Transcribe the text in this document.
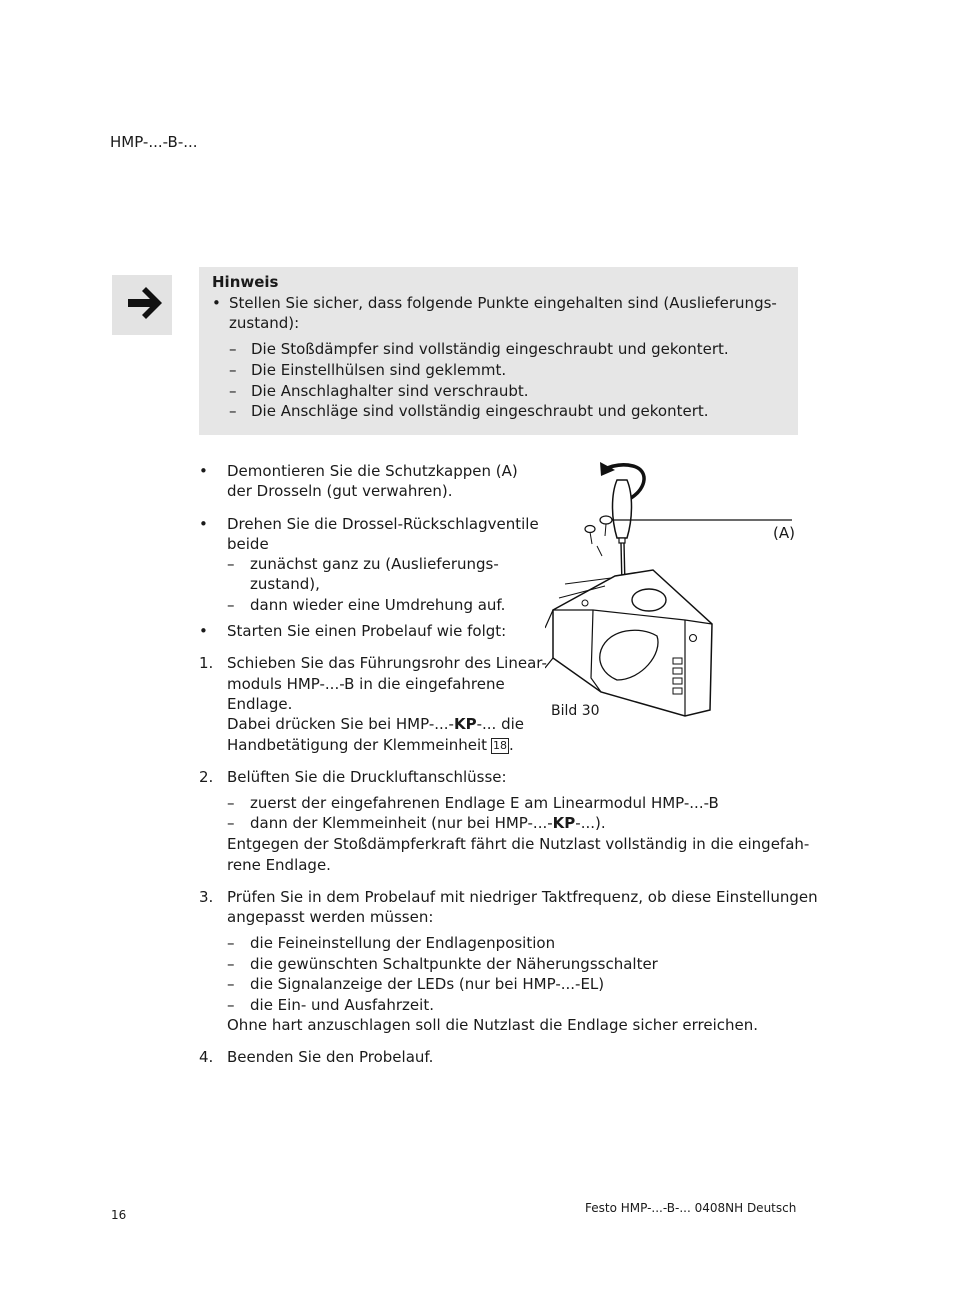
HMP-...-B-...
Hinweis
• Stellen Sie sicher, dass folgende Punkte eingehalten sind (Auslieferungs-
zustand):
– Die Stoßdämpfer sind vollständig eingeschraubt und gekontert.
– Die Einstellhülsen sind geklemmt.
– Die Anschlaghalter sind verschraubt.
– Die Anschläge sind vollständig eingeschraubt und gekontert.
• Demontieren Sie die Schutzkappen (A)
der Drosseln (gut verwahren).
• Drehen Sie die Drossel-Rückschlagventile
beide
– zunächst ganz zu (Auslieferungs-
zustand),
– dann wieder eine Umdrehung auf.
• Starten Sie einen Probelauf wie folgt:
1. Schieben Sie das Führungsrohr des Linear-
moduls HMP-...-B in die eingefahrene
Endlage.
Dabei drücken Sie bei HMP-...-KP-... die
Handbetätigung der Klemmeinheit 18 .
2. Belüften Sie die Druckluftanschlüsse:
– zuerst der eingefahrenen Endlage E am Linearmodul HMP-...-B
– dann der Klemmeinheit (nur bei HMP-...-KP-...).
Entgegen der Stoßdämpferkraft fährt die Nutzlast vollständig in die eingefah-
rene Endlage.
3. Prüfen Sie in dem Probelauf mit niedriger Taktfrequenz, ob diese Einstellungen
angepasst werden müssen:
– die Feineinstellung der Endlagenposition
– die gewünschten Schaltpunkte der Näherungsschalter
– die Signalanzeige der LEDs (nur bei HMP-...-EL)
– die Ein- und Ausfahrzeit.
Ohne hart anzuschlagen soll die Nutzlast die Endlage sicher erreichen.
4. Beenden Sie den Probelauf.
(A)
Bild 30
16	Festo HMP-...-B-... 0408NH Deutsch
